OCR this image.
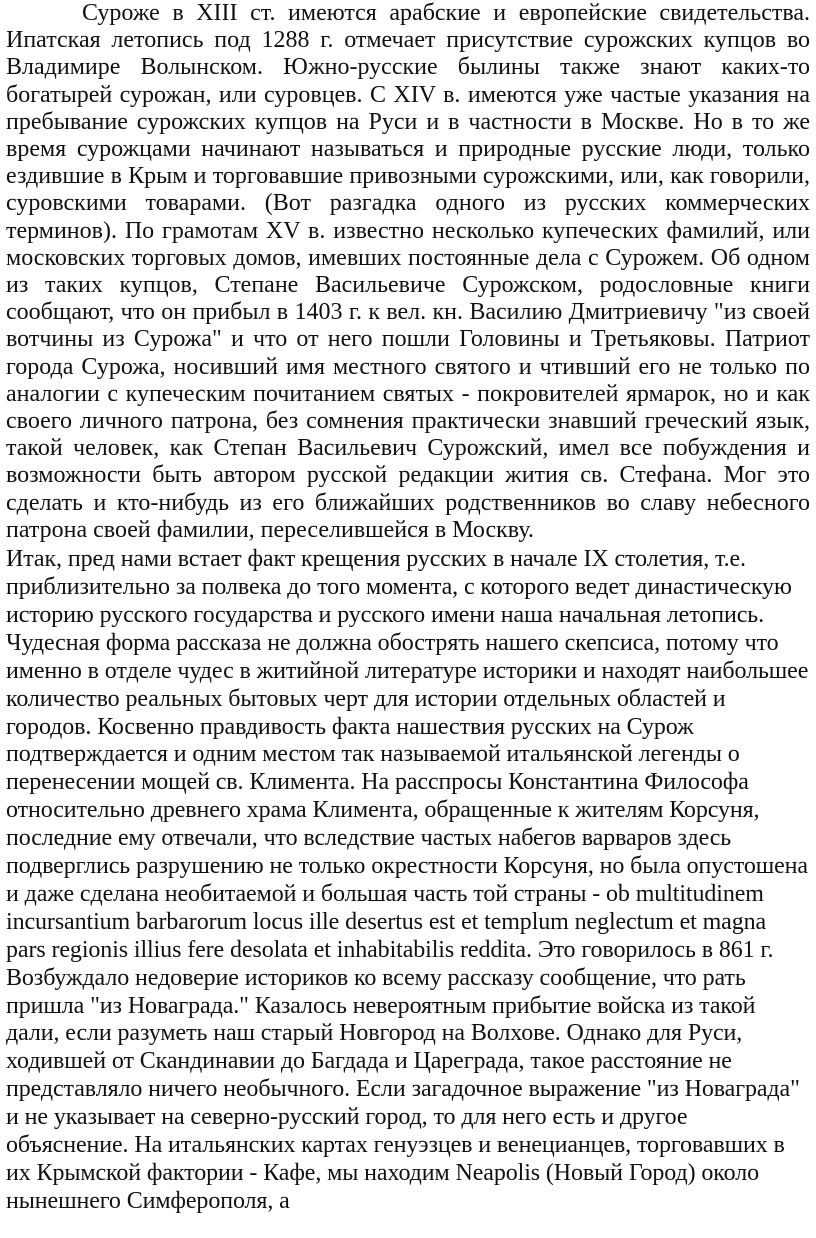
Суроже в XIII ст. имеются арабские и европейские свидетельства. Ипатская летопись под 1288 г. отмечает присутствие сурожских купцов во Владимире Волынском. Южно-русские былины также знают каких-то богатырей сурожан, или суровцев. С XIV в. имеются уже частые указания на пребывание сурожских купцов на Руси и в частности в Москве. Но в то же время сурожцами начинают называться и природные русские люди, только ездившие в Крым и торговавшие привозными сурожскими, или, как говорили, суровскими товарами. (Вот разгадка одного из русских коммерческих терминов). По грамотам XV в. известно несколько купеческих фамилий, или московских торговых домов, имевших постоянные дела с Сурожем. Об одном из таких купцов, Степане Васильевиче Сурожском, родословные книги сообщают, что он прибыл в 1403 г. к вел. кн. Василию Дмитриевичу "из своей вотчины из Сурожа" и что от него пошли Головины и Третьяковы. Патриот города Сурожа, носивший имя местного святого и чтивший его не только по аналогии с купеческим почитанием святых - покровителей ярмарок, но и как своего личного патрона, без сомнения практически знавший греческий язык, такой человек, как Степан Васильевич Сурожский, имел все побуждения и возможности быть автором русской редакции жития св. Стефана. Мог это сделать и кто-нибудь из его ближайших родственников во славу небесного патрона своей фамилии, переселившейся в Москву.

Итак, пред нами встает факт крещения русских в начале IX столетия, т.е. приблизительно за полвека до того момента, с которого ведет династическую историю русского государства и русского имени наша начальная летопись. Чудесная форма рассказа не должна обострять нашего скепсиса, потому что именно в отделе чудес в житийной литературе историки и находят наибольшее количество реальных бытовых черт для истории отдельных областей и городов. Косвенно правдивость факта нашествия русских на Сурож подтверждается и одним местом так называемой итальянской легенды о перенесении мощей св. Климента. На расспросы Константина Философа относительно древнего храма Климента, обращенные к жителям Корсуня, последние ему отвечали, что вследствие частых набегов варваров здесь подверглись разрушению не только окрестности Корсуня, но была опустошена и даже сделана необитаемой и большая часть той страны - ob multitudinem incursantium barbarorum locus ille desertus est et templum neglectum et magna pars regionis illius fere desolata et inhabitabilis reddita. Это говорилось в 861 г. Возбуждало недоверие историков ко всему рассказу сообщение, что рать пришла "из Новаграда." Казалось невероятным прибытие войска из такой дали, если разуметь наш старый Новгород на Волхове. Однако для Руси, ходившей от Скандинавии до Багдада и Цареграда, такое расстояние не представляло ничего необычного. Если загадочное выражение "из Новаграда" и не указывает на северно-русский город, то для него есть и другое объяснение. На итальянских картах генуэзцев и венецианцев, торговавших в их Крымской фактории - Кафе, мы находим Neapolis (Новый Город) около нынешнего Симферополя, а
